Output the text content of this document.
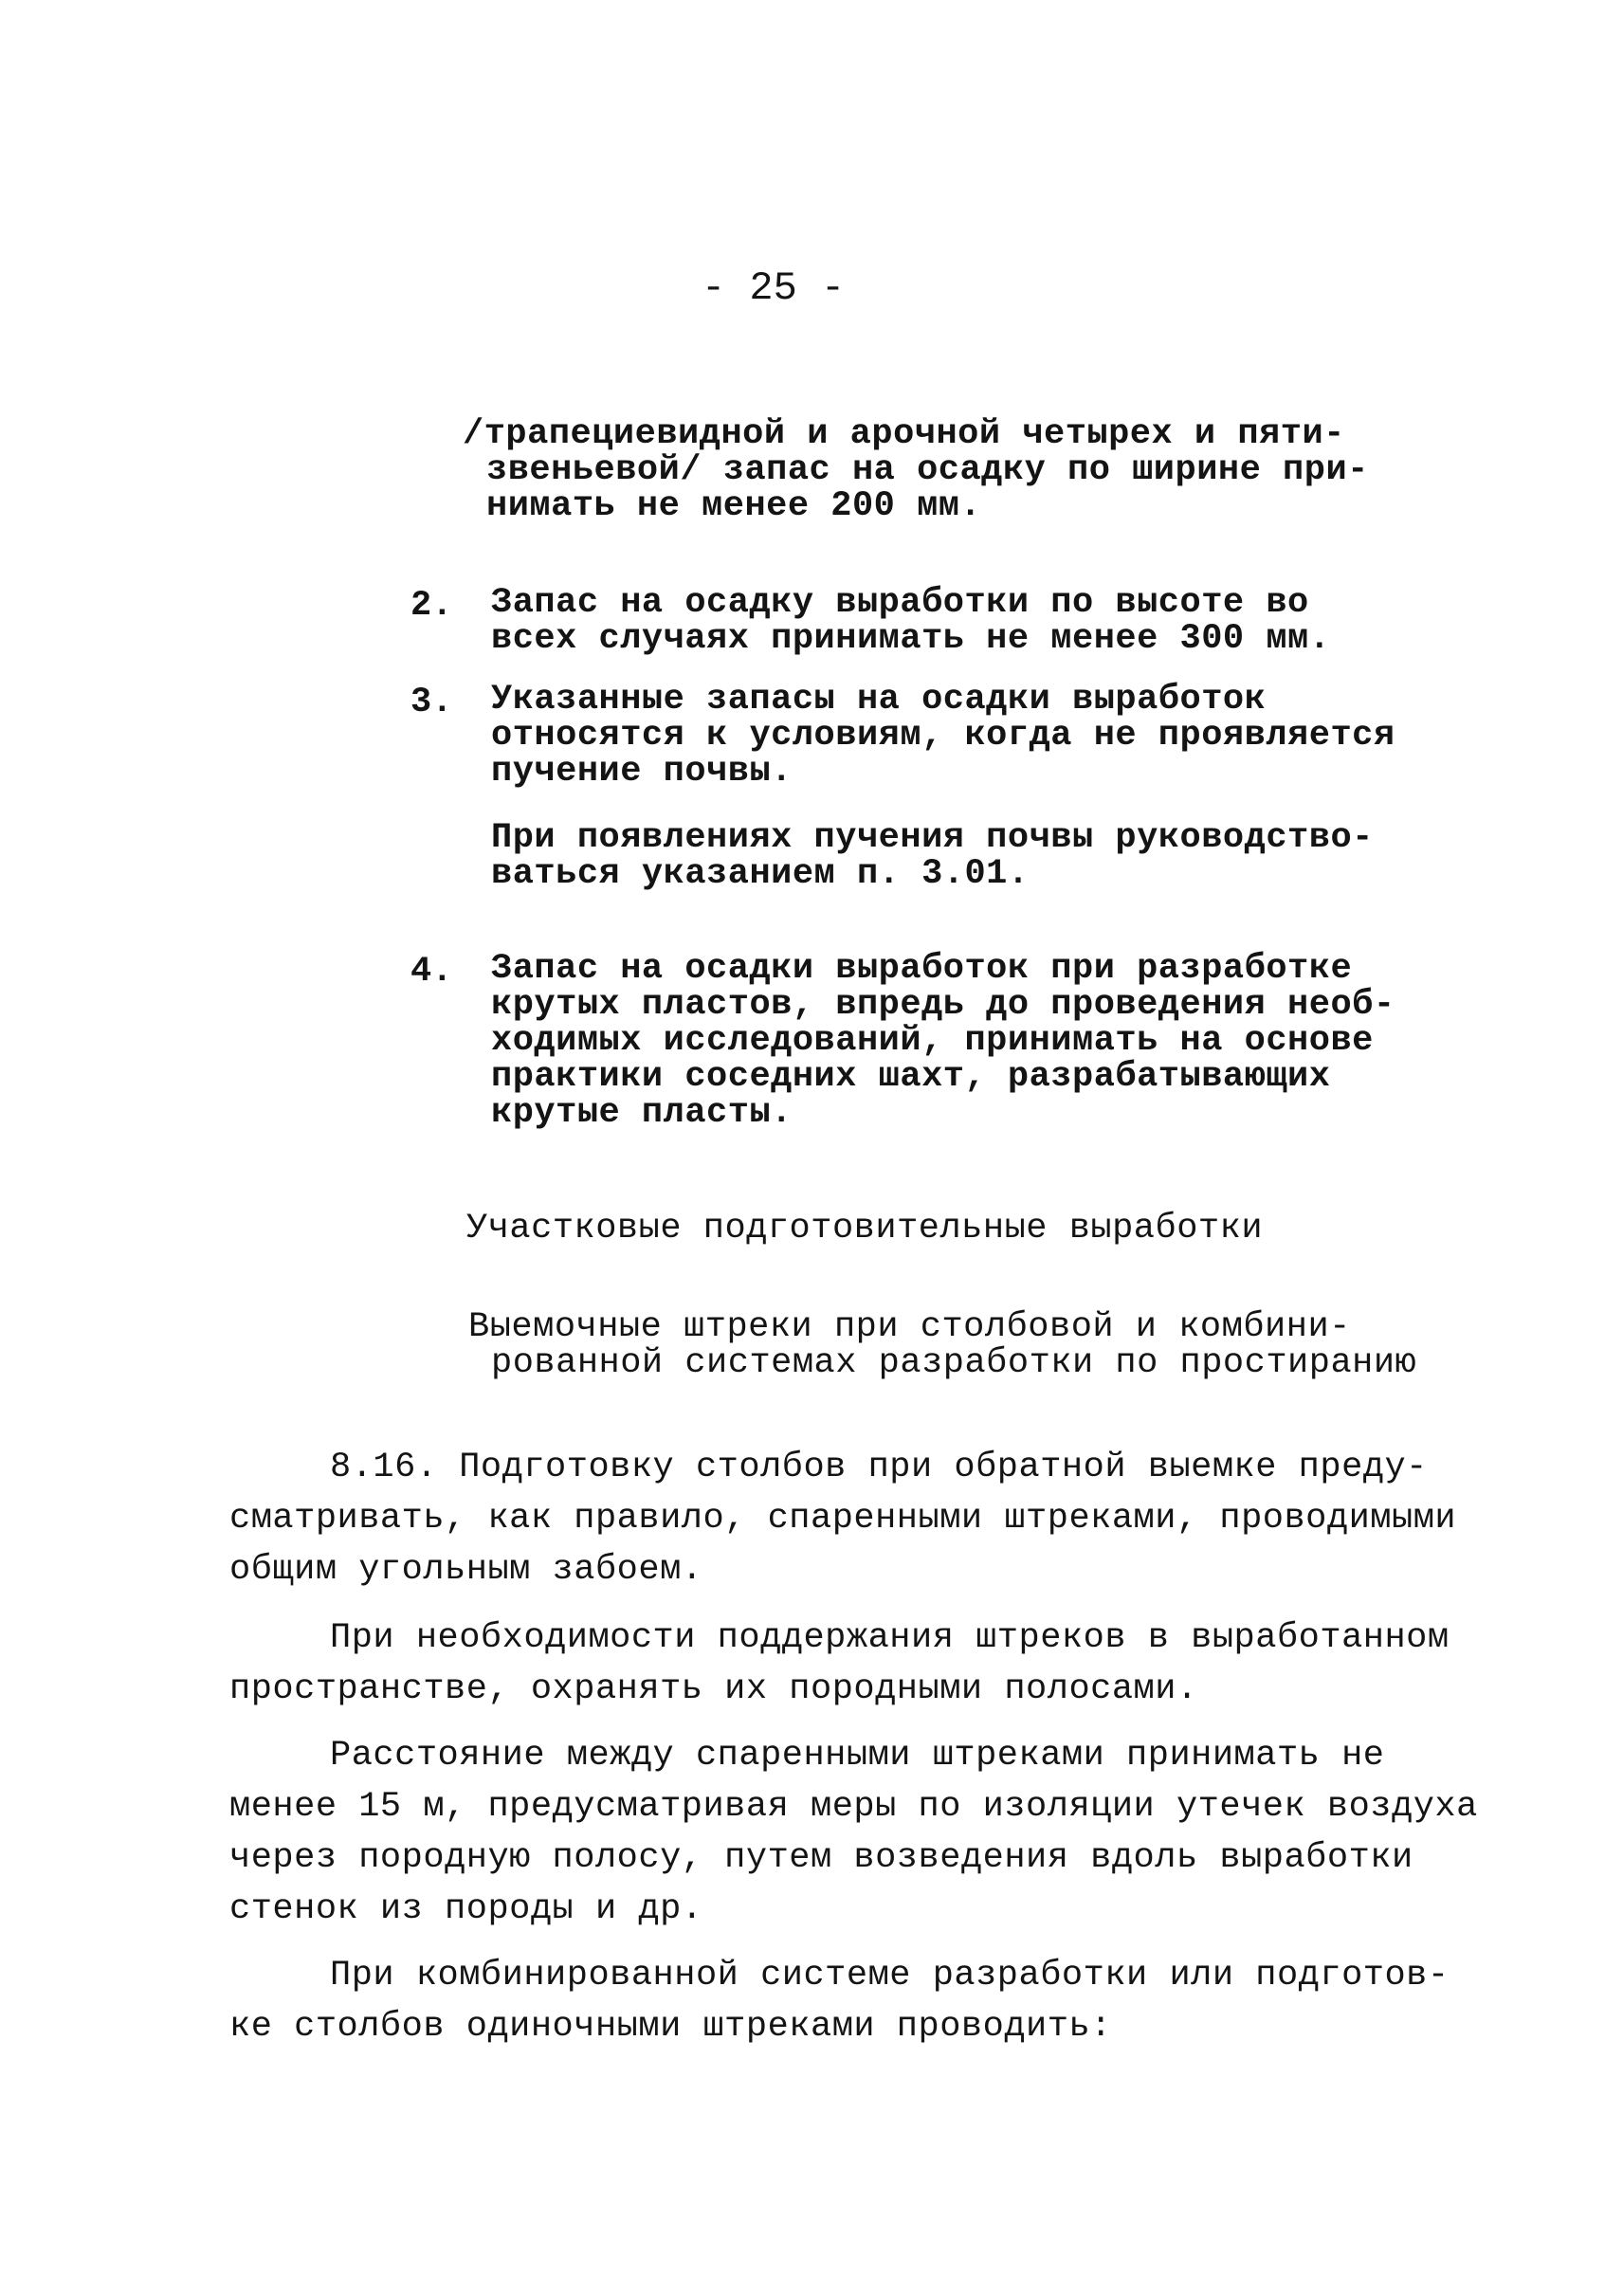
- 25 -
/трапециевидной и арочной четырех и пяти-
звеньевой/ запас на осадку по ширине при-
нимать не менее 200 мм.
2. Запас на осадку выработки по высоте во
всех случаях принимать не менее 300 мм.
3. Указанные запасы на осадки выработок
относятся к условиям, когда не проявляется
пучение почвы.
При появлениях пучения почвы руководство-
ваться указанием п. 3.01.
4. Запас на осадки выработок при разработке
крутых пластов, впредь до проведения необ-
ходимых исследований, принимать на основе
практики соседних шахт, разрабатывающих
крутые пласты.
Участковые подготовительные выработки
Выемочные штреки при столбовой и комбини-
рованной системах разработки по простиранию
8.16. Подготовку столбов при обратной выемке преду-
сматривать, как правило, спаренными штреками, проводимыми
общим угольным забоем.
При необходимости поддержания штреков в выработанном
пространстве, охранять их породными полосами.
Расстояние между спаренными штреками принимать не
менее 15 м, предусматривая меры по изоляции утечек воздуха
через породную полосу, путем возведения вдоль выработки
стенок из породы и др.
При комбинированной системе разработки или подготов-
ке столбов одиночными штреками проводить:
